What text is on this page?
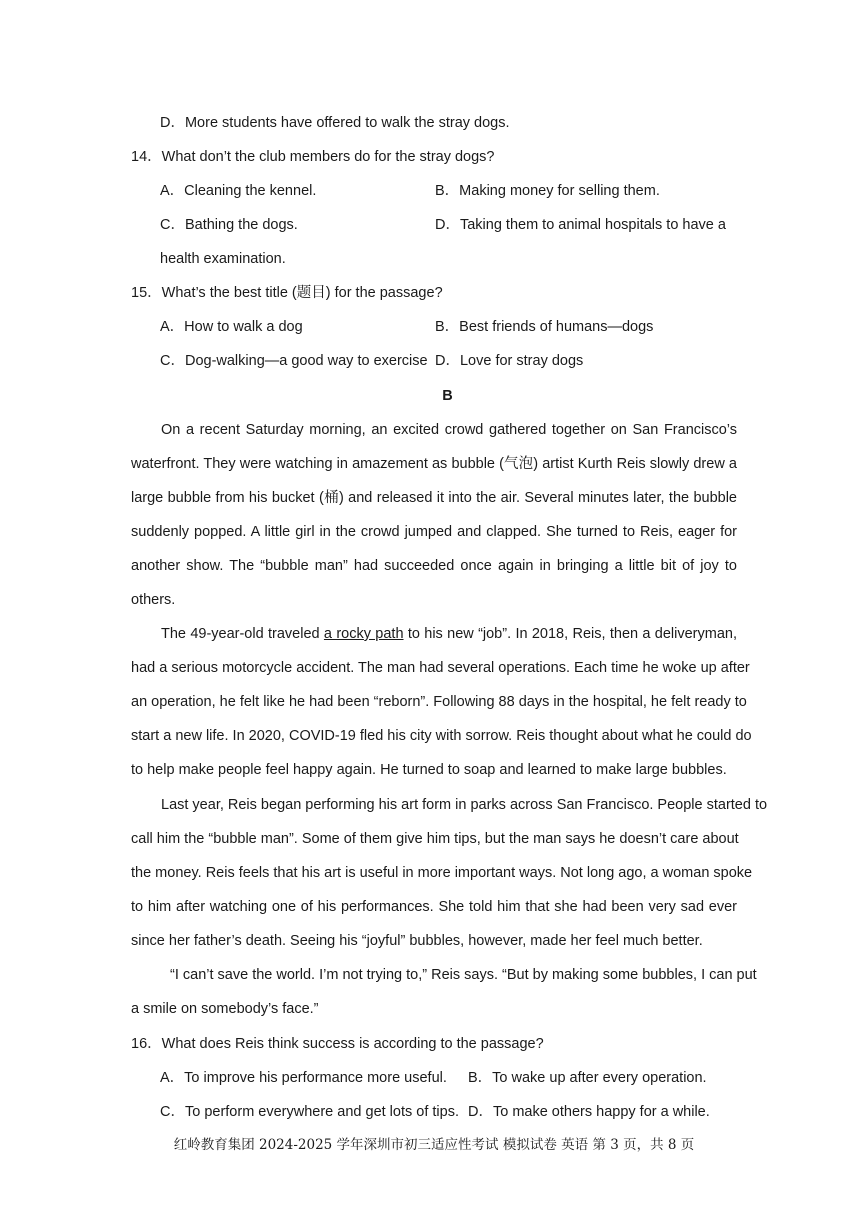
D．More students have offered to walk the stray dogs.
14．What don’t the club members do for the stray dogs?
A．Cleaning the kennel.	B．Making money for selling them.
C．Bathing the dogs.	D．Taking them to animal hospitals to have a
health examination.
15．What’s the best title (题目) for the passage?
A．How to walk a dog	B．Best friends of humans—dogs
C．Dog-walking—a good way to exercise D．Love for stray dogs
B
On a recent Saturday morning, an excited crowd gathered together on San Francisco’s
waterfront. They were watching in amazement as bubble (气泡) artist Kurth Reis slowly drew a
large bubble from his bucket (桶) and released it into the air. Several minutes later, the bubble
suddenly popped. A little girl in the crowd jumped and clapped. She turned to Reis, eager for
another show. The “bubble man” had succeeded once again in bringing a little bit of joy to
others.
The 49-year-old traveled a rocky path to his new “job”. In 2018, Reis, then a deliveryman,
had a serious motorcycle accident. The man had several operations. Each time he woke up after
an operation, he felt like he had been “reborn”. Following 88 days in the hospital, he felt ready to
start a new life. In 2020, COVID-19 fled his city with sorrow. Reis thought about what he could do
to help make people feel happy again. He turned to soap and learned to make large bubbles.
Last year, Reis began performing his art form in parks across San Francisco. People started to
call him the “bubble man”. Some of them give him tips, but the man says he doesn’t care about
the money. Reis feels that his art is useful in more important ways. Not long ago, a woman spoke
to him after watching one of his performances. She told him that she had been very sad ever
since her father’s death. Seeing his “joyful” bubbles, however, made her feel much better.
“I can’t save the world. I’m not trying to,” Reis says. “But by making some bubbles, I can put
a smile on somebody’s face.”
16．What does Reis think success is according to the passage?
A．To improve his performance more useful. B．To wake up after every operation.
C．To perform everywhere and get lots of tips. D．To make others happy for a while.
红岭教育集团 2024-2025 学年深圳市初三适应性考试 模拟试卷 英语 第 3 页，共 8 页
